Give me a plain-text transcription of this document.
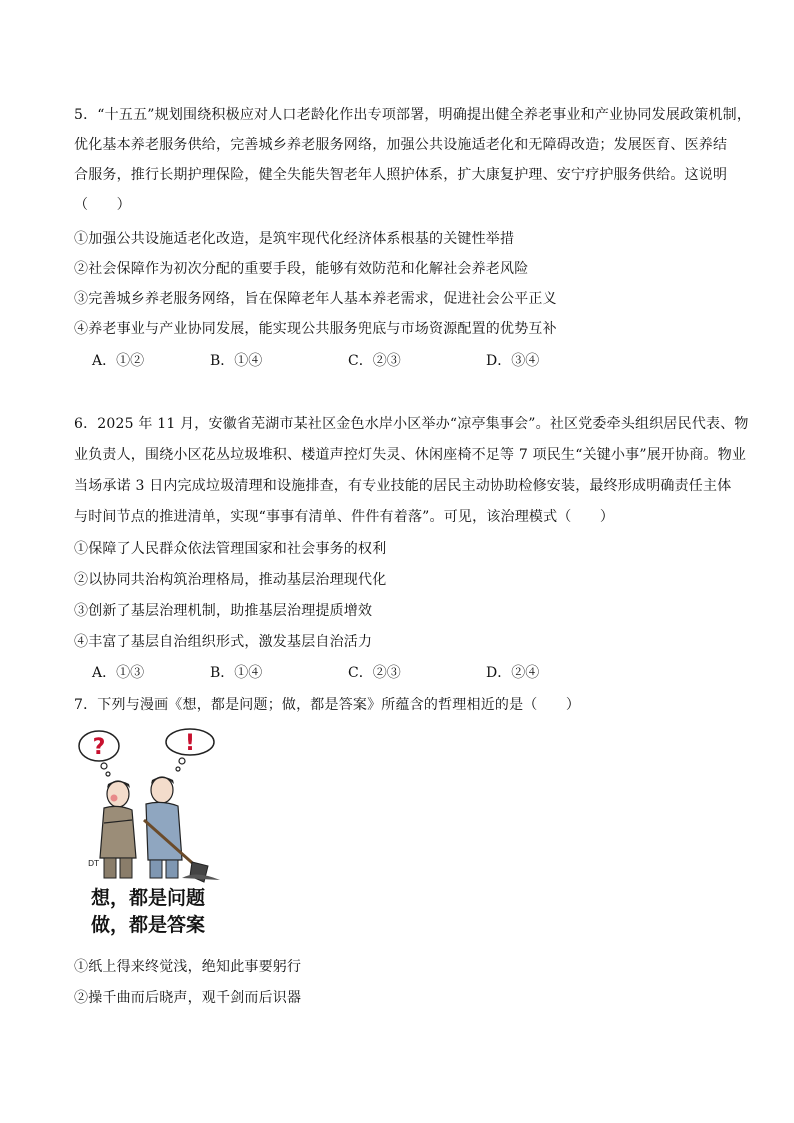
5．“十五五”规划围绕积极应对人口老龄化作出专项部署，明确提出健全养老事业和产业协同发展政策机制，
优化基本养老服务供给，完善城乡养老服务网络，加强公共设施适老化和无障碍改造；发展医育、医养结
合服务，推行长期护理保险，健全失能失智老年人照护体系，扩大康复护理、安宁疗护服务供给。这说明
（　　）
①加强公共设施适老化改造，是筑牢现代化经济体系根基的关键性举措
②社会保障作为初次分配的重要手段，能够有效防范和化解社会养老风险
③完善城乡养老服务网络，旨在保障老年人基本养老需求，促进社会公平正义
④养老事业与产业协同发展，能实现公共服务兜底与市场资源配置的优势互补
A．①②	B．①④	C．②③	D．③④
6．2025 年 11 月，安徽省芜湖市某社区金色水岸小区举办“凉亭集事会”。社区党委牵头组织居民代表、物
业负责人，围绕小区花丛垃圾堆积、楼道声控灯失灵、休闲座椅不足等 7 项民生“关键小事”展开协商。物业
当场承诺 3 日内完成垃圾清理和设施排查，有专业技能的居民主动协助检修安装，最终形成明确责任主体
与时间节点的推进清单，实现“事事有清单、件件有着落”。可见，该治理模式（　　）
①保障了人民群众依法管理国家和社会事务的权利
②以协同共治构筑治理格局，推动基层治理现代化
③创新了基层治理机制，助推基层治理提质增效
④丰富了基层自治组织形式，激发基层自治活力
A．①③	B．①④	C．②③	D．②④
7．下列与漫画《想，都是问题；做，都是答案》所蕴含的哲理相近的是（　　）
?	!
DT
想，都是问题
做，都是答案
①纸上得来终觉浅，绝知此事要躬行
②操千曲而后晓声，观千剑而后识器
